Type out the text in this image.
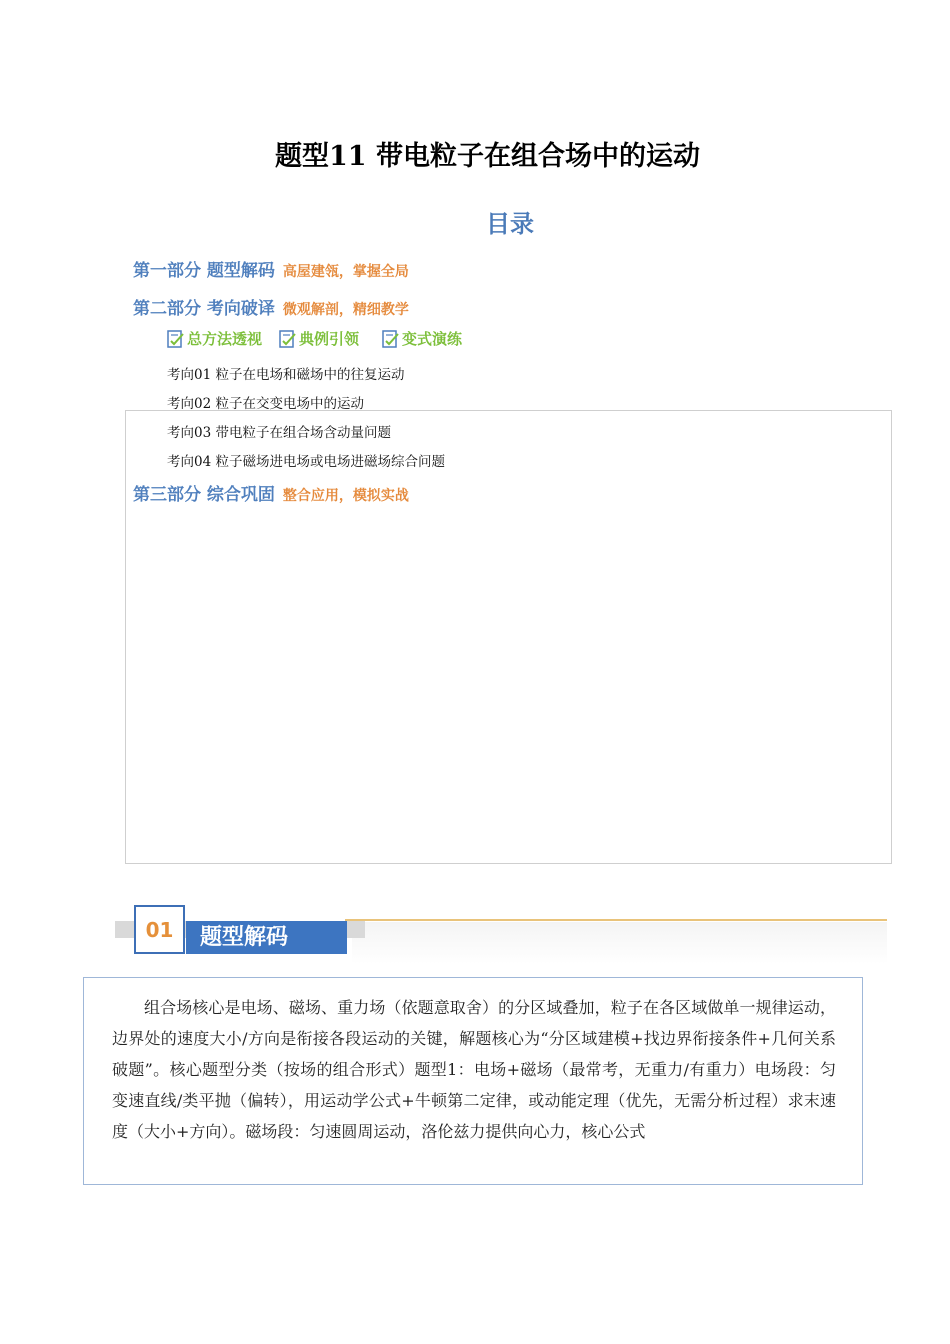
题型11 带电粒子在组合场中的运动
目录
第一部分 题型解码 高屋建瓴，掌握全局
第二部分 考向破译 微观解剖，精细教学
总方法透视 典例引领	变式演练
考向01 粒子在电场和磁场中的往复运动
考向02 粒子在交变电场中的运动
考向03 带电粒子在组合场含动量问题
考向04 粒子磁场进电场或电场进磁场综合问题
第三部分 综合巩固 整合应用，模拟实战
题型解码
01

组合场核心是电场、磁场、重力场（依题意取舍）的分区域叠加，粒子在各区域做单一规律运动，边界处的速度大小/方向是衔接各段运动的关键，解题核心为“分区域建模+找边界衔接条件+几何关系破题”。核心题型分类（按场的组合形式）题型1：电场+磁场（最常考，无重力/有重力）电场段：匀变速直线/类平抛（偏转），用运动学公式+牛顿第二定律，或动能定理（优先，无需分析过程）求末速度（大小+方向）。磁场段：匀速圆周运动，洛伦兹力提供向心力，核心公式
